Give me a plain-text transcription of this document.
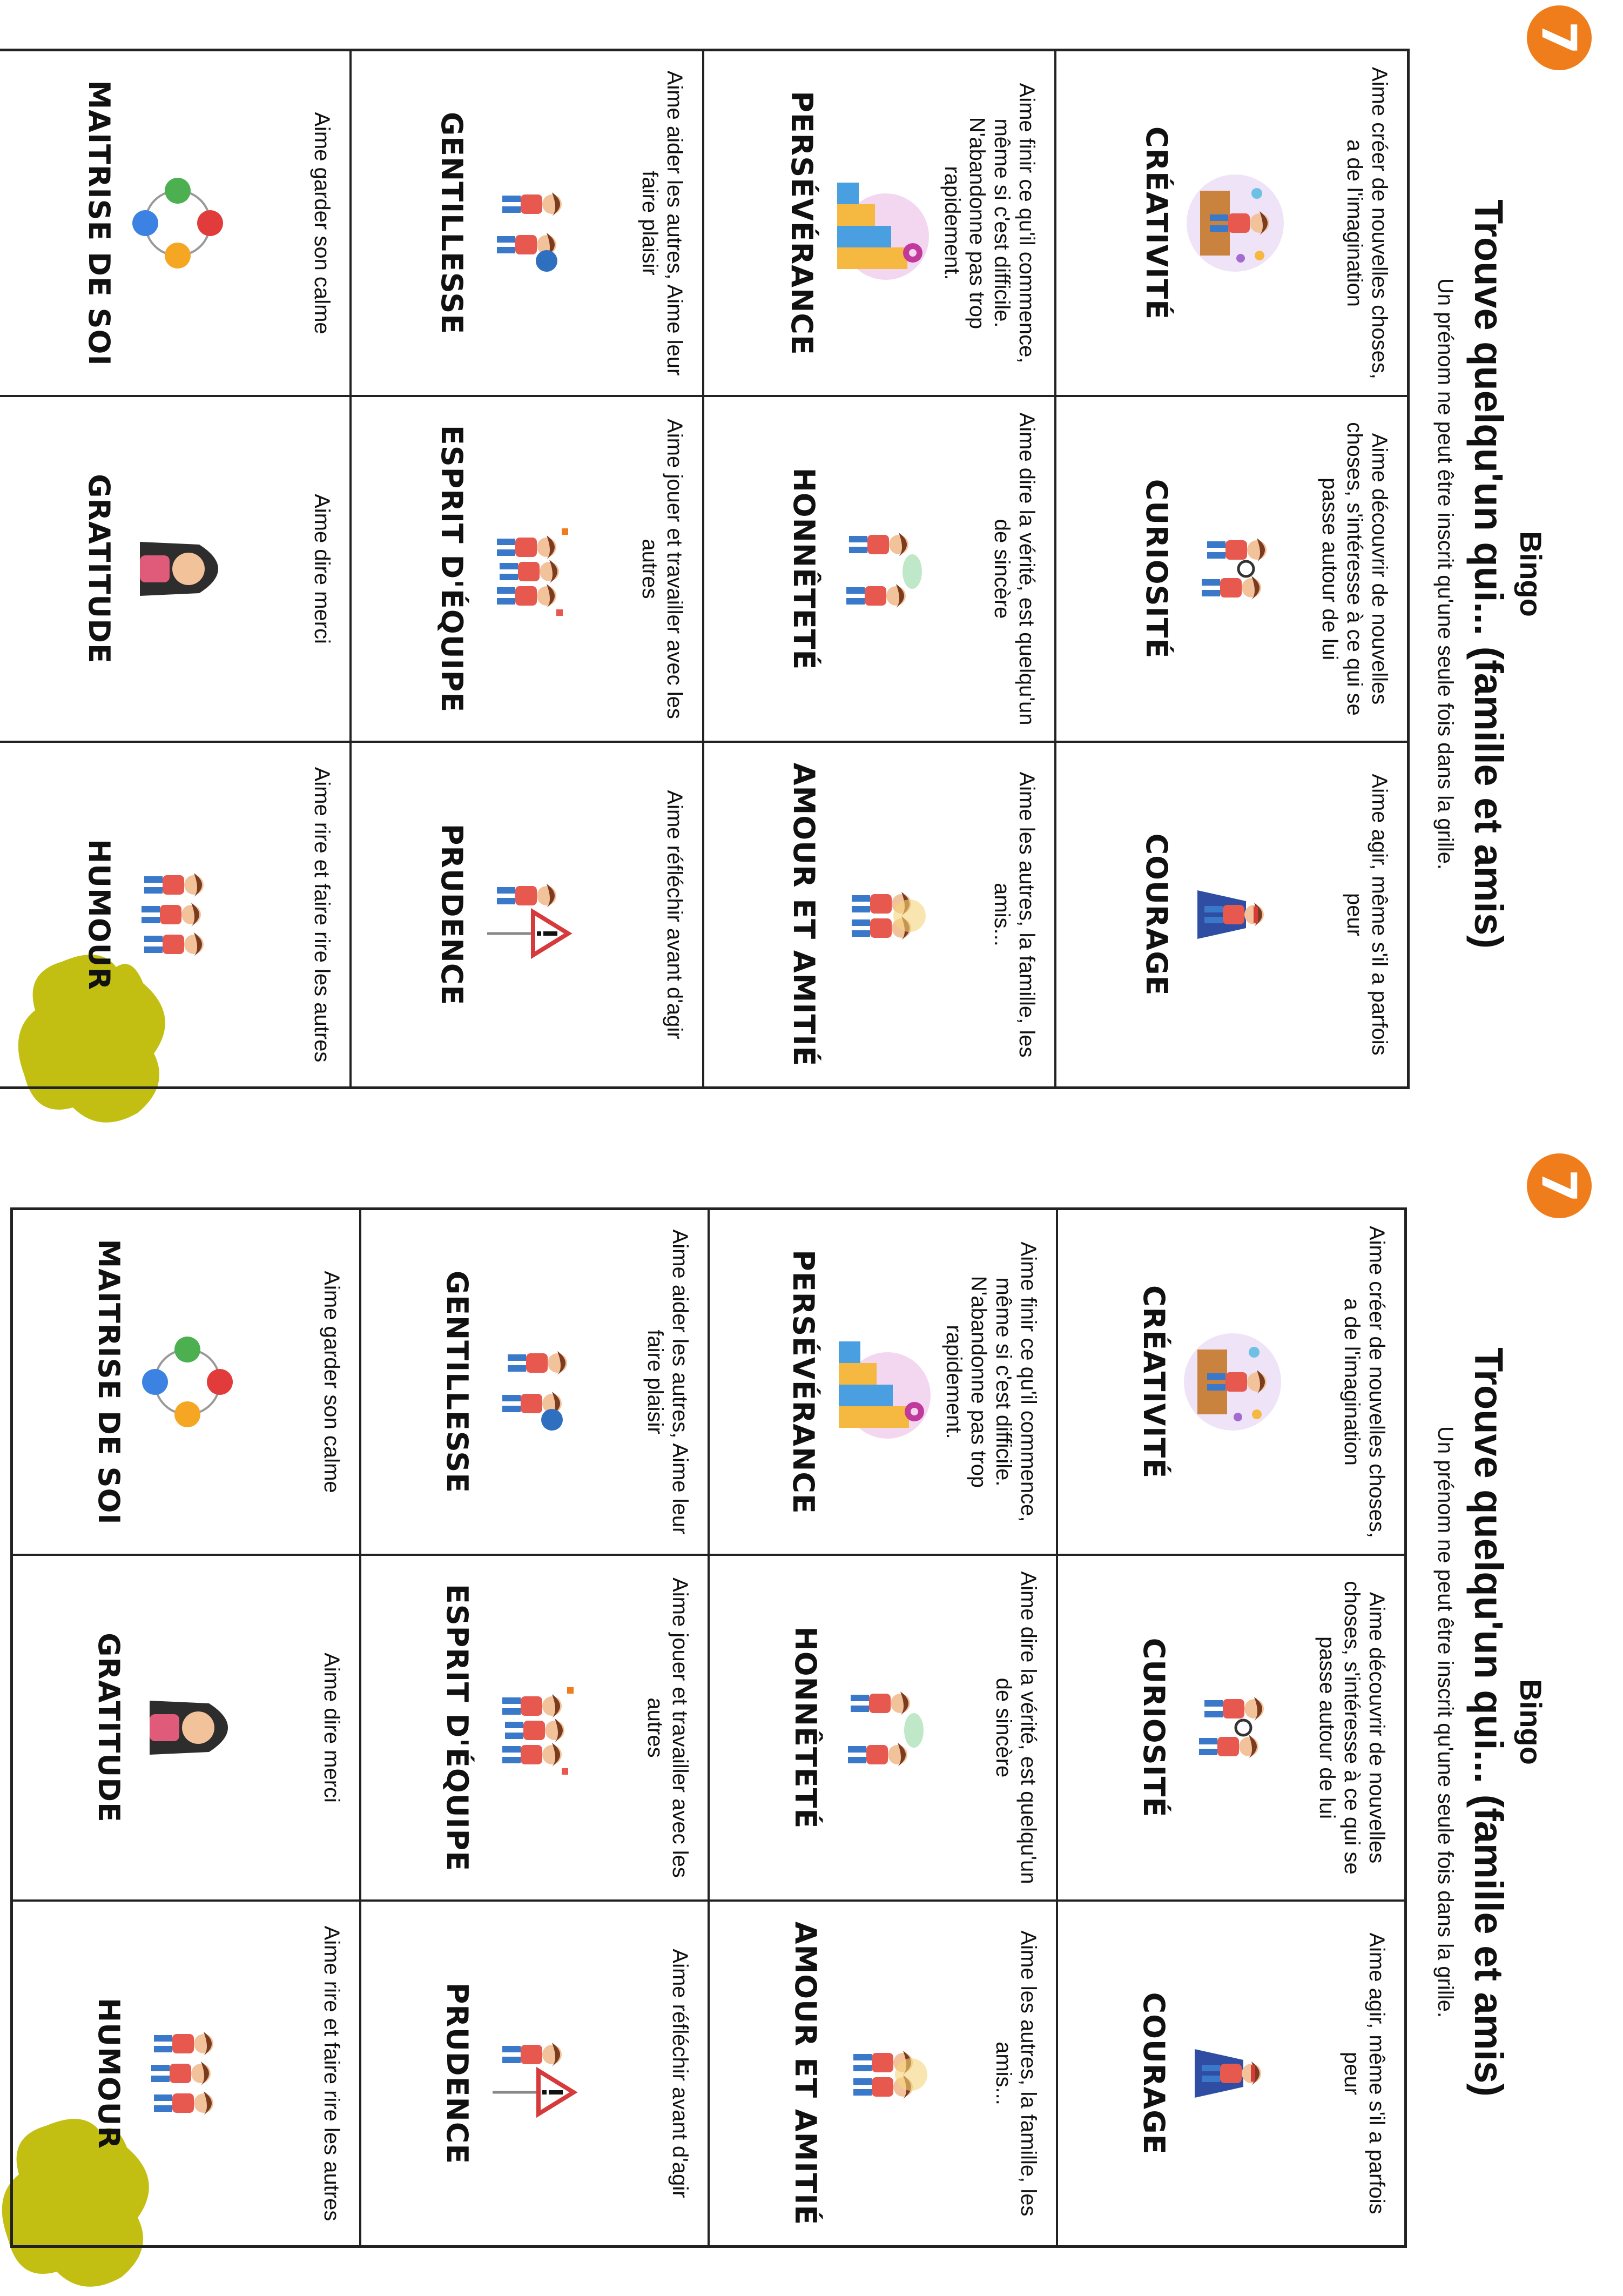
7
Bingo
Trouve quelqu'un qui... (famille et amis)
Un prénom ne peut être inscrit qu'une seule fois dans la grille.
Aime créer de nouvelles choses, a de l'imagination
CRÉATIVITÉ
Aime découvrir de nouvelles choses, s'intéresse à ce qui se passe autour de lui
CURIOSITÉ
Aime agir, même s'il a parfois peur
COURAGE
Aime finir ce qu'il commence, même si c'est difficile. N'abandonne pas trop rapidement.
PERSÉVÉRANCE
Aime dire la vérité, est quelqu'un de sincère
HONNÊTETÉ
Aime les autres, la famille, les amis...
AMOUR ET AMITIÉ
Aime aider les autres, Aime leur faire plaisir
GENTILLESSE
Aime jouer et travailler avec les autres
ESPRIT D'ÉQUIPE
Aime réfléchir avant d'agir
PRUDENCE
Aime garder son calme
MAITRISE DE SOI
Aime dire merci
GRATITUDE
Aime rire et faire rire les autres
HUMOUR
7
Bingo
Trouve quelqu'un qui... (famille et amis)
Un prénom ne peut être inscrit qu'une seule fois dans la grille.
Aime créer de nouvelles choses, a de l'imagination
CRÉATIVITÉ
Aime découvrir de nouvelles choses, s'intéresse à ce qui se passe autour de lui
CURIOSITÉ
Aime agir, même s'il a parfois peur
COURAGE
Aime finir ce qu'il commence, même si c'est difficile. N'abandonne pas trop rapidement.
PERSÉVÉRANCE
Aime dire la vérité, est quelqu'un de sincère
HONNÊTETÉ
Aime les autres, la famille, les amis...
AMOUR ET AMITIÉ
Aime aider les autres, Aime leur faire plaisir
GENTILLESSE
Aime jouer et travailler avec les autres
ESPRIT D'ÉQUIPE
Aime réfléchir avant d'agir
PRUDENCE
Aime garder son calme
MAITRISE DE SOI
Aime dire merci
GRATITUDE
Aime rire et faire rire les autres
HUMOUR
